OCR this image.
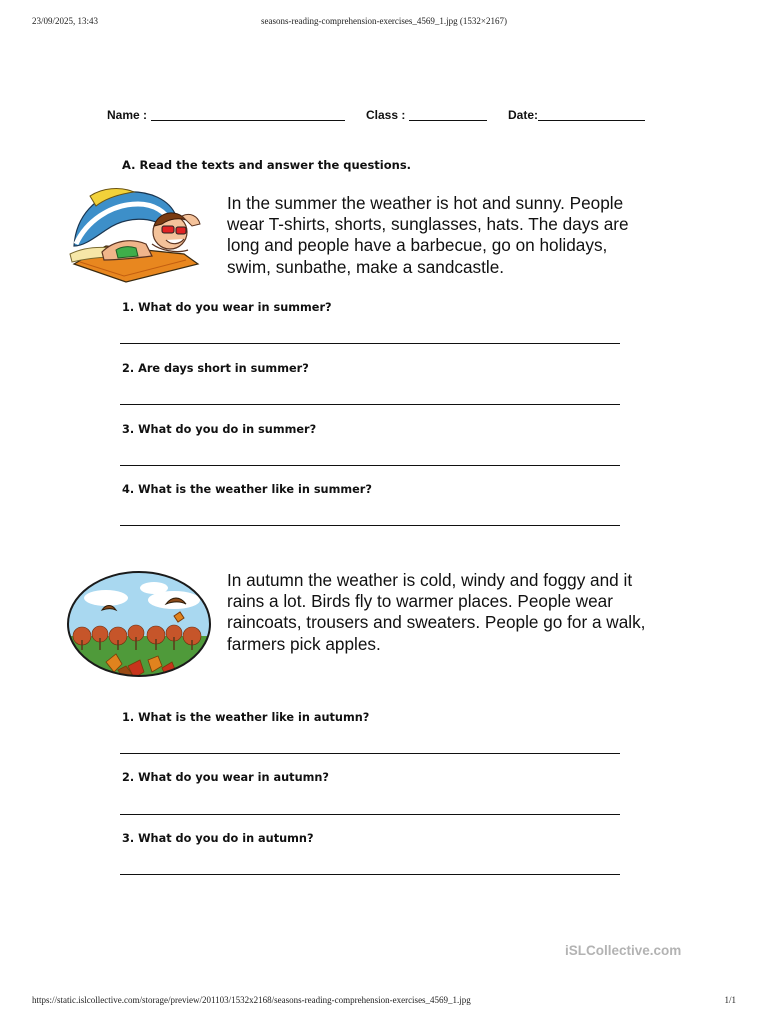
23/09/2025, 13:43	seasons-reading-comprehension-exercises_4569_1.jpg (1532×2167)
Name :	Class :	Date:
A. Read the texts and answer the questions.
In the summer the weather is hot and sunny. People
wear T-shirts, shorts, sunglasses, hats. The days are
long and people have a barbecue, go on holidays,
swim, sunbathe, make a sandcastle.
1. What do you wear in summer?
2. Are days short in summer?
3. What do you do in summer?
4. What is the weather like in summer?
In autumn the weather is cold, windy and foggy and it
rains a lot. Birds fly to warmer places. People wear
raincoats, trousers and sweaters. People go for a walk,
farmers pick apples.
1. What is the weather like in autumn?
2. What do you wear in autumn?
3. What do you do in autumn?
iSLCollective.com
https://static.islcollective.com/storage/preview/201103/1532x2168/seasons-reading-comprehension-exercises_4569_1.jpg	1/1
